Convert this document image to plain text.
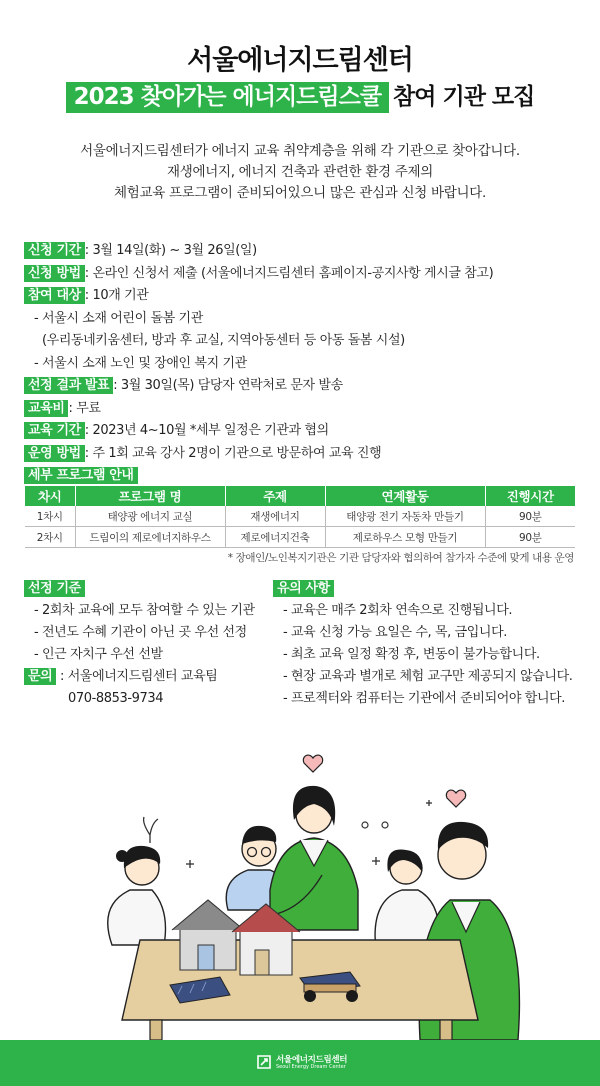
서울에너지드림센터
2023 찾아가는 에너지드림스쿨 참여 기관 모집
서울에너지드림센터가 에너지 교육 취약계층을 위해 각 기관으로 찾아갑니다.
재생에너지, 에너지 건축과 관련한 환경 주제의
체험교육 프로그램이 준비되어있으니 많은 관심과 신청 바랍니다.
신청 기간 : 3월 14일(화) ~ 3월 26일(일)
신청 방법 : 온라인 신청서 제출 (서울에너지드림센터 홈페이지-공지사항 게시글 참고)
참여 대상 : 10개 기관
- 서울시 소재 어린이 돌봄 기관
(우리동네키움센터, 방과 후 교실, 지역아동센터 등 아동 돌봄 시설)
- 서울시 소재 노인 및 장애인 복지 기관
선정 결과 발표 : 3월 30일(목) 담당자 연락처로 문자 발송
교육비 : 무료
교육 기간 : 2023년 4~10월 *세부 일정은 기관과 협의
운영 방법 : 주 1회 교육 강사 2명이 기관으로 방문하여 교육 진행
세부 프로그램 안내
차시	프로그램 명	주제	연계활동	진행시간
1차시	태양광 에너지 교실	재생에너지	태양광 전기 자동차 만들기	90분
2차시	드림이의 제로에너지하우스	제로에너지건축	제로하우스 모형 만들기	90분
* 장애인/노인복지기관은 기관 담당자와 협의하여 참가자 수준에 맞게 내용 운영
선정 기준
- 2회차 교육에 모두 참여할 수 있는 기관
- 전년도 수혜 기관이 아닌 곳 우선 선정
- 인근 자치구 우선 선발
문의 : 서울에너지드림센터 교육팀
070-8853-9734
유의 사항
- 교육은 매주 2회차 연속으로 진행됩니다.
- 교육 신청 가능 요일은 수, 목, 금입니다.
- 최초 교육 일정 확정 후, 변동이 불가능합니다.
- 현장 교육과 별개로 체험 교구만 제공되지 않습니다.
- 프로젝터와 컴퓨터는 기관에서 준비되어야 합니다.
서울에너지드림센터
Seoul Energy Dream Center
